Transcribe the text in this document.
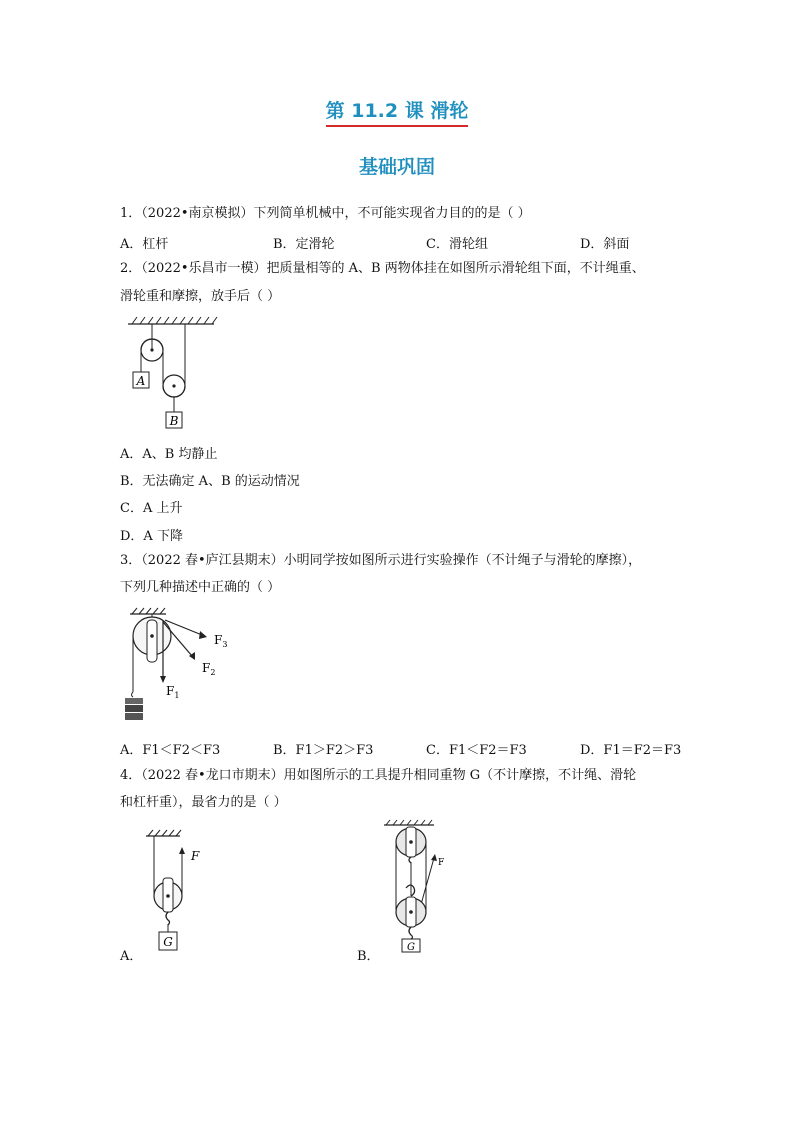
第 11.2 课 滑轮
基础巩固
1．（2022•南京模拟）下列简单机械中，不可能实现省力目的的是（ ）
A．杠杆	B．定滑轮	C．滑轮组	D．斜面
2．（2022•乐昌市一模）把质量相等的 A、B 两物体挂在如图所示滑轮组下面，不计绳重、
滑轮重和摩擦，放手后（ ）
A
B
A．A、B 均静止
B．无法确定 A、B 的运动情况
C．A 上升
D．A 下降
3．（2022 春•庐江县期末）小明同学按如图所示进行实验操作（不计绳子与滑轮的摩擦），
下列几种描述中正确的（ ）
$F_1$
$F_2$
$F_3$
A．F1＜F2＜F3	B．F1＞F2＞F3	C．F1＜F2＝F3	D．F1＝F2＝F3
4．（2022 春•龙口市期末）用如图所示的工具提升相同重物 G（不计摩擦，不计绳、滑轮
和杠杆重），最省力的是（ ）
F
G
A．
F
G
B．
